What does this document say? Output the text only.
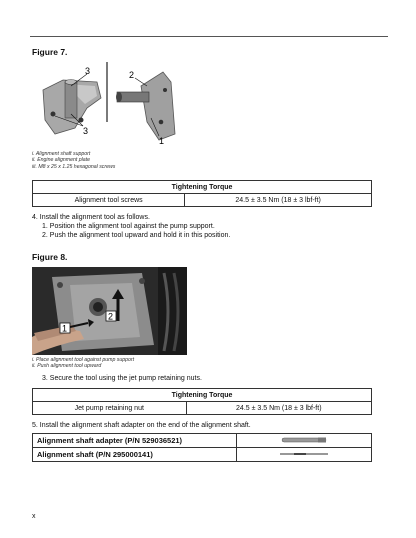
Figure 7.
3
3
2
1
i. Alignment shaft support
ii. Engine alignment plate
iii. M8 x 25 x 1.25 hexagonal screws
Tightening Torque
Alignment tool screws	24.5 ± 3.5 Nm (18 ± 3 lbf-ft)
4. Install the alignment tool as follows.
1. Position the alignment tool against the pump support.
2. Push the alignment tool upward and hold it in this position.
Figure 8.
1
2
i. Place alignment tool against pump support
ii. Push alignment tool upward
3. Secure the tool using the jet pump retaining nuts.
Tightening Torque
Jet pump retaining nut	24.5 ± 3.5 Nm (18 ± 3 lbf-ft)
5. Install the alignment shaft adapter on the end of the alignment shaft.
Alignment shaft adapter (P/N 529036521)	
Alignment shaft (P/N 295000141)	
x
